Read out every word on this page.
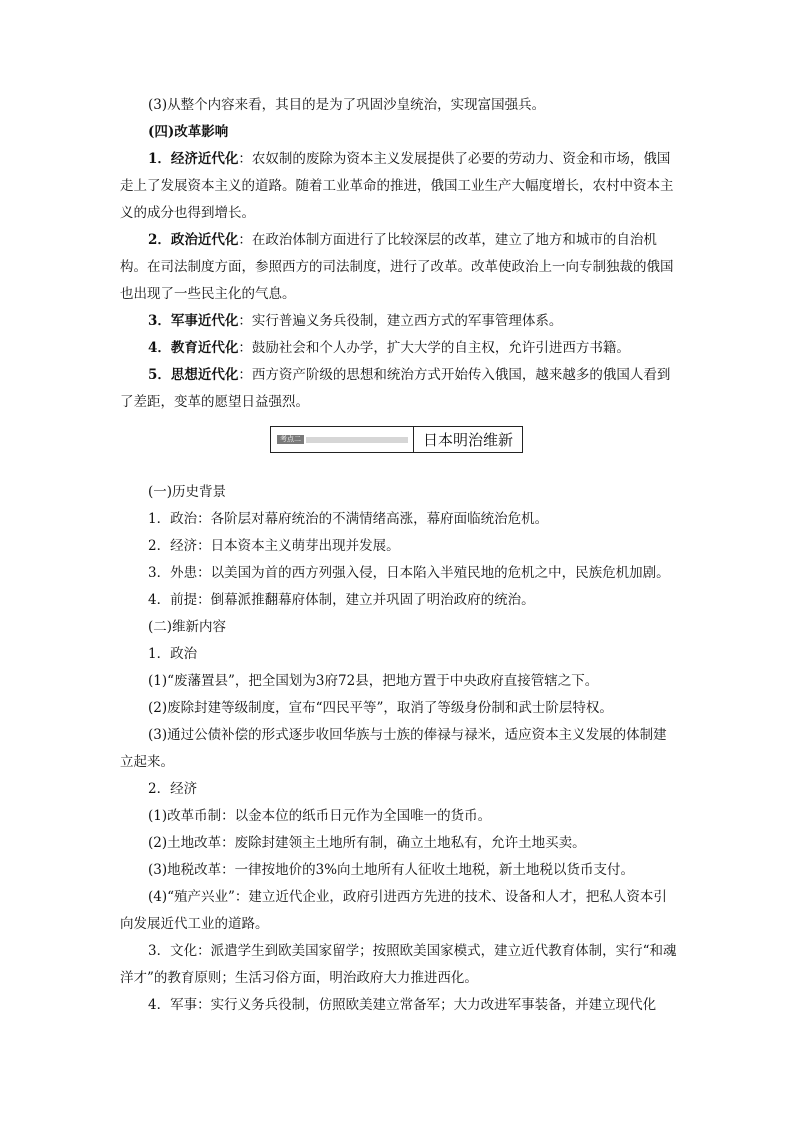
(3)从整个内容来看，其目的是为了巩固沙皇统治，实现富国强兵。

(四)改革影响

1．经济近代化：农奴制的废除为资本主义发展提供了必要的劳动力、资金和市场，俄国走上了发展资本主义的道路。随着工业革命的推进，俄国工业生产大幅度增长，农村中资本主义的成分也得到增长。

2．政治近代化：在政治体制方面进行了比较深层的改革，建立了地方和城市的自治机构。在司法制度方面，参照西方的司法制度，进行了改革。改革使政治上一向专制独裁的俄国也出现了一些民主化的气息。

3．军事近代化：实行普遍义务兵役制，建立西方式的军事管理体系。

4．教育近代化：鼓励社会和个人办学，扩大大学的自主权，允许引进西方书籍。

5．思想近代化：西方资产阶级的思想和统治方式开始传入俄国，越来越多的俄国人看到了差距，变革的愿望日益强烈。

考点二	日本明治维新

(一)历史背景

1．政治：各阶层对幕府统治的不满情绪高涨，幕府面临统治危机。

2．经济：日本资本主义萌芽出现并发展。

3．外患：以美国为首的西方列强入侵，日本陷入半殖民地的危机之中，民族危机加剧。

4．前提：倒幕派推翻幕府体制，建立并巩固了明治政府的统治。

(二)维新内容

1．政治

(1)“废藩置县”，把全国划为3府72县，把地方置于中央政府直接管辖之下。

(2)废除封建等级制度，宣布“四民平等”，取消了等级身份制和武士阶层特权。

(3)通过公债补偿的形式逐步收回华族与士族的俸禄与禄米，适应资本主义发展的体制建立起来。

2．经济

(1)改革币制：以金本位的纸币日元作为全国唯一的货币。

(2)土地改革：废除封建领主土地所有制，确立土地私有，允许土地买卖。

(3)地税改革：一律按地价的3%向土地所有人征收土地税，新土地税以货币支付。

(4)“殖产兴业”：建立近代企业，政府引进西方先进的技术、设备和人才，把私人资本引向发展近代工业的道路。

3．文化：派遣学生到欧美国家留学；按照欧美国家模式，建立近代教育体制，实行“和魂洋才”的教育原则；生活习俗方面，明治政府大力推进西化。

4．军事：实行义务兵役制，仿照欧美建立常备军；大力改进军事装备，并建立现代化
